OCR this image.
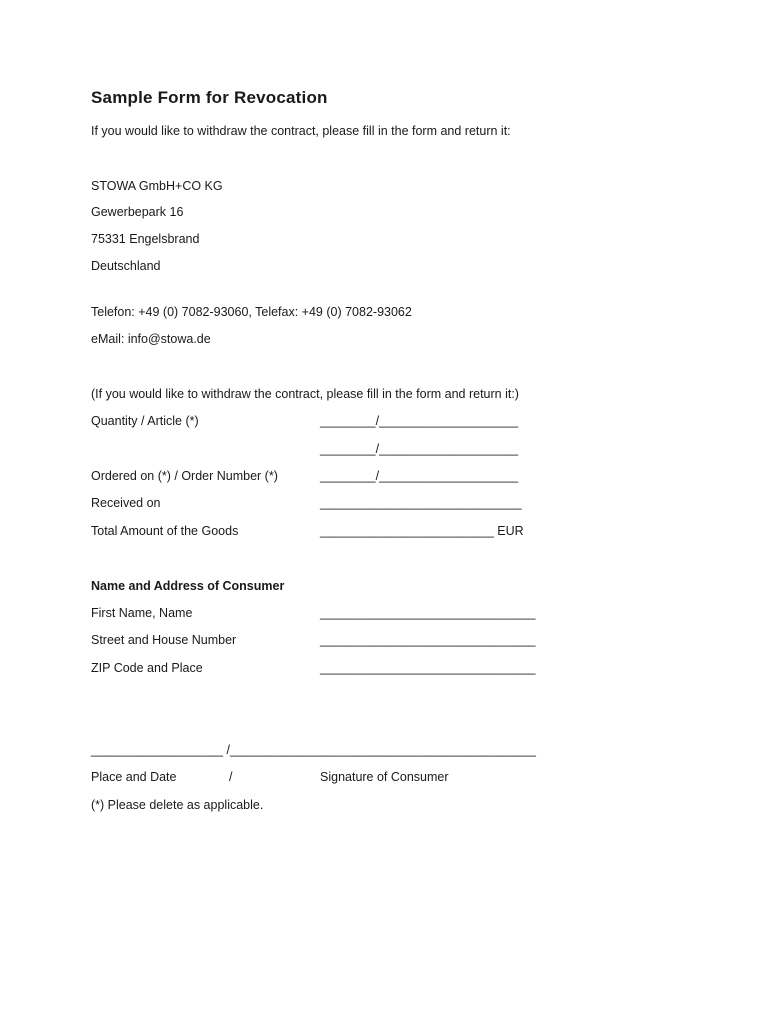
Sample Form for Revocation
If you would like to withdraw the contract, please fill in the form and return it:
STOWA GmbH+CO KG
Gewerbepark 16
75331 Engelsbrand
Deutschland
Telefon: +49 (0) 7082-93060, Telefax: +49 (0) 7082-93062
eMail: info@stowa.de
(If you would like to withdraw the contract, please fill in the form and return it:)
Quantity / Article (*)	________/____________________
________/____________________
Ordered on (*) / Order Number (*)	________/____________________
Received on	_____________________________
Total Amount of the Goods	_________________________ EUR
Name and Address of Consumer
First Name, Name	_______________________________
Street and House Number	_______________________________
ZIP Code and Place	_______________________________
___________________ /____________________________________________
Place and Date	/	Signature of Consumer
(*) Please delete as applicable.
